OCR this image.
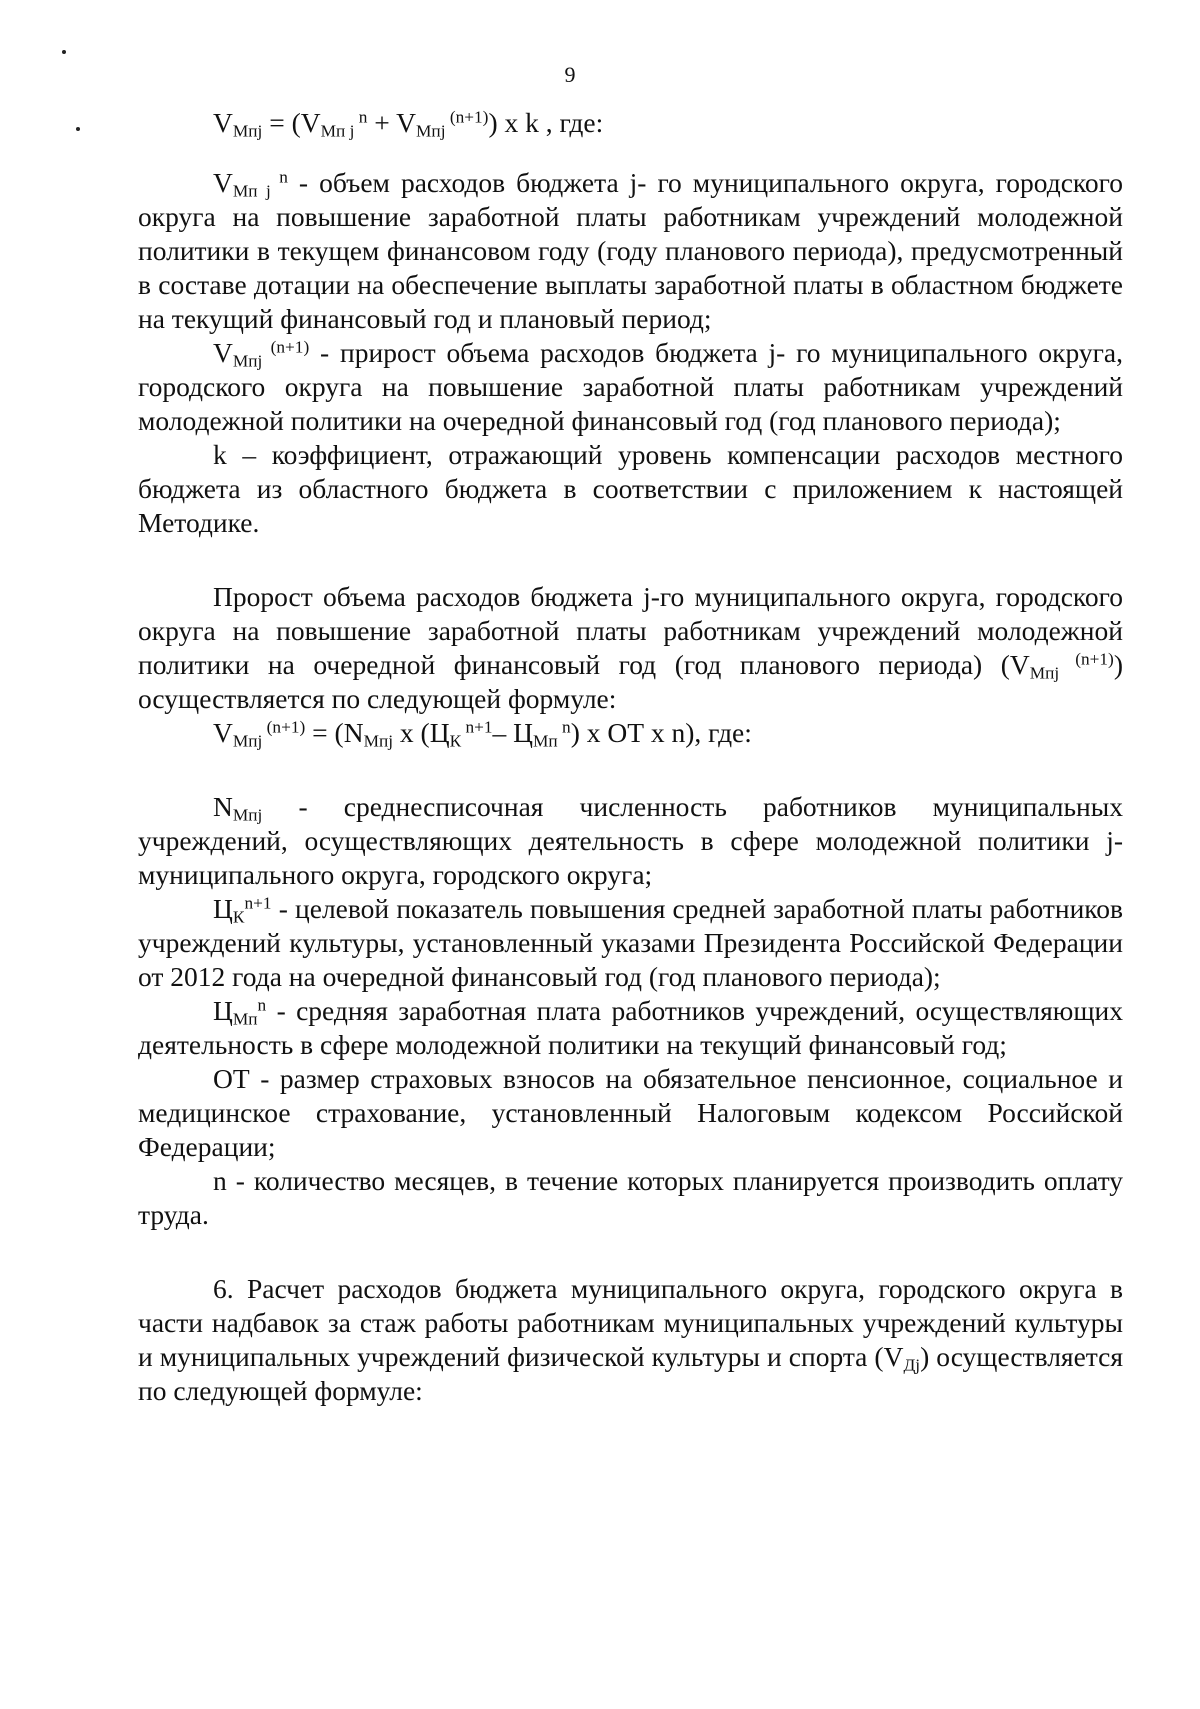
9

$V_{Мпj} = (V_{Мп j}$ $^n + V_{Мпj}$ $^{(n+1)}$) x k , где:

$V_{Мп j}$ $^n$ - объем расходов бюджета j- го муниципального округа, городского округа на повышение заработной платы работникам учреждений молодежной политики в текущем финансовом году (году планового периода), предусмотренный в составе дотации на обеспечение выплаты заработной платы в областном бюджете на текущий финансовый год и плановый период;

$V_{Мпj}$ $^{(n+1)}$ - прирост объема расходов бюджета j- го муниципального округа, городского округа на повышение заработной платы работникам учреждений молодежной политики на очередной финансовый год (год планового периода);

k – коэффициент, отражающий уровень компенсации расходов местного бюджета из областного бюджета в соответствии с приложением к настоящей Методике.

Пророст объема расходов бюджета j-го муниципального округа, городского округа на повышение заработной платы работникам учреждений молодежной политики на очередной финансовый год (год планового периода) ($V_{Мпj}$ $^{(n+1)}$) осуществляется по следующей формуле:

$V_{Мпj}$ $^{(n+1)} = (N_{Мпj}$ x ($Ц_К$ $^{n+1}$– $Ц_{Мп}$ $^n$) x ОТ x n), где:

$N_{Мпj}$ - среднесписочная численность работников муниципальных учреждений, осуществляющих деятельность в сфере молодежной политики j-муниципального округа, городского округа;

$Ц_К^{n+1}$ - целевой показатель повышения средней заработной платы работников учреждений культуры, установленный указами Президента Российской Федерации от 2012 года на очередной финансовый год (год планового периода);

$Ц_{Мп}^n$ - средняя заработная плата работников учреждений, осуществляющих деятельность в сфере молодежной политики на текущий финансовый год;

ОТ - размер страховых взносов на обязательное пенсионное, социальное и медицинское страхование, установленный Налоговым кодексом Российской Федерации;

n - количество месяцев, в течение которых планируется производить оплату труда.

6. Расчет расходов бюджета муниципального округа, городского округа в части надбавок за стаж работы работникам муниципальных учреждений культуры и муниципальных учреждений физической культуры и спорта $(V_{Дj})$ осуществляется по следующей формуле:
